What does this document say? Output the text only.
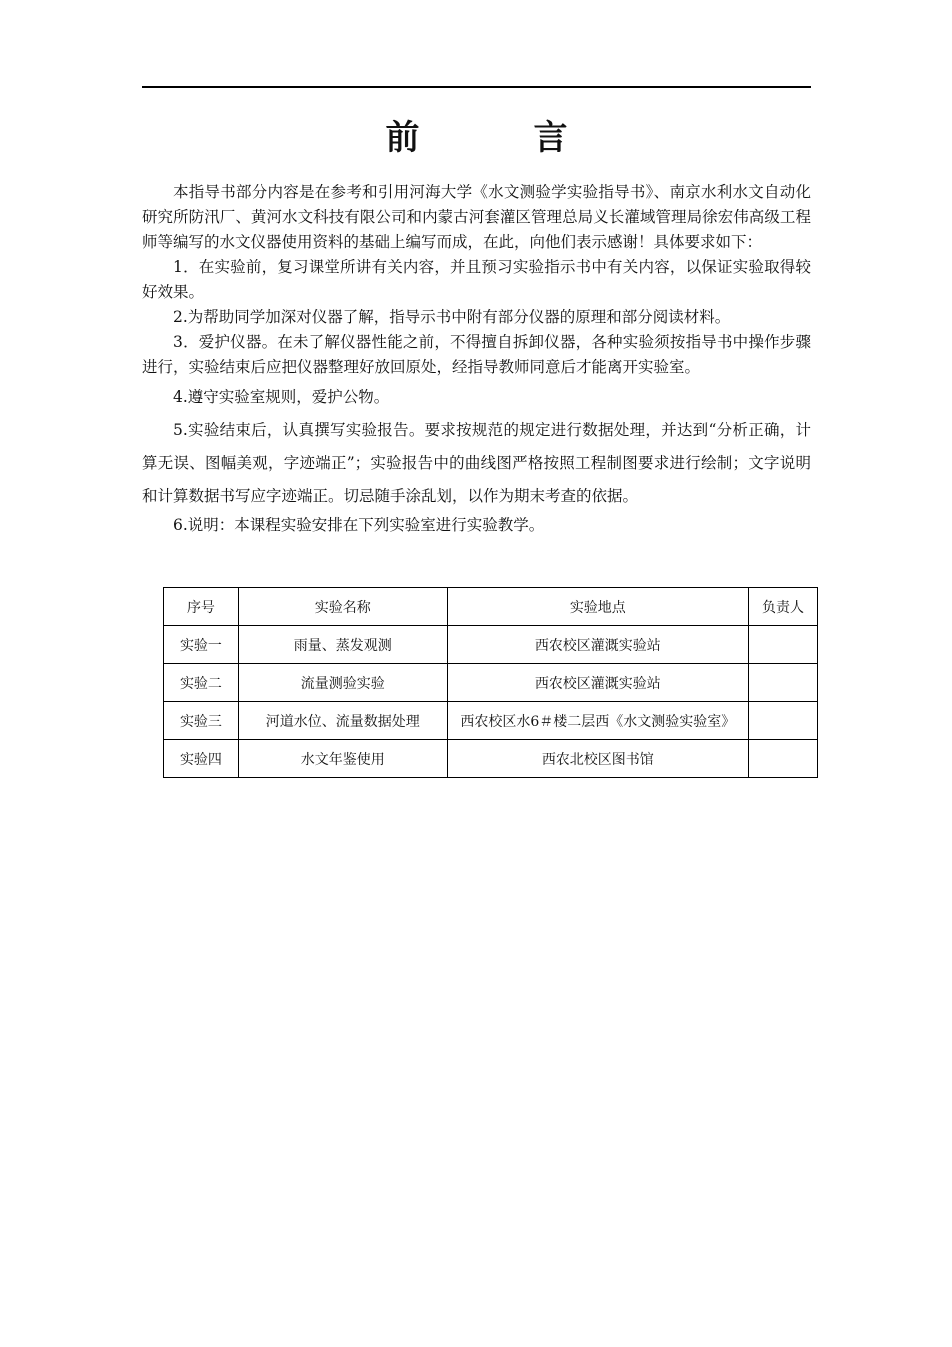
前　言

本指导书部分内容是在参考和引用河海大学《水文测验学实验指导书》、南京水利水文自动化研究所防汛厂、黄河水文科技有限公司和内蒙古河套灌区管理总局义长灌域管理局徐宏伟高级工程师等编写的水文仪器使用资料的基础上编写而成，在此，向他们表示感谢！具体要求如下：

1．在实验前，复习课堂所讲有关内容，并且预习实验指示书中有关内容，以保证实验取得较好效果。

2.为帮助同学加深对仪器了解，指导示书中附有部分仪器的原理和部分阅读材料。

3．爱护仪器。在未了解仪器性能之前，不得擅自拆卸仪器，各种实验须按指导书中操作步骤进行，实验结束后应把仪器整理好放回原处，经指导教师同意后才能离开实验室。

4.遵守实验室规则，爱护公物。

5.实验结束后，认真撰写实验报告。要求按规范的规定进行数据处理，并达到“分析正确，计算无误、图幅美观，字迹端正”；实验报告中的曲线图严格按照工程制图要求进行绘制；文字说明和计算数据书写应字迹端正。切忌随手涂乱划，以作为期末考查的依据。

6.说明：本课程实验安排在下列实验室进行实验教学。

序号	实验名称	实验地点	负责人
实验一	雨量、蒸发观测	西农校区灌溉实验站	
实验二	流量测验实验	西农校区灌溉实验站	
实验三	河道水位、流量数据处理	西农校区水6＃楼二层西《水文测验实验室》	
实验四	水文年鉴使用	西农北校区图书馆	
